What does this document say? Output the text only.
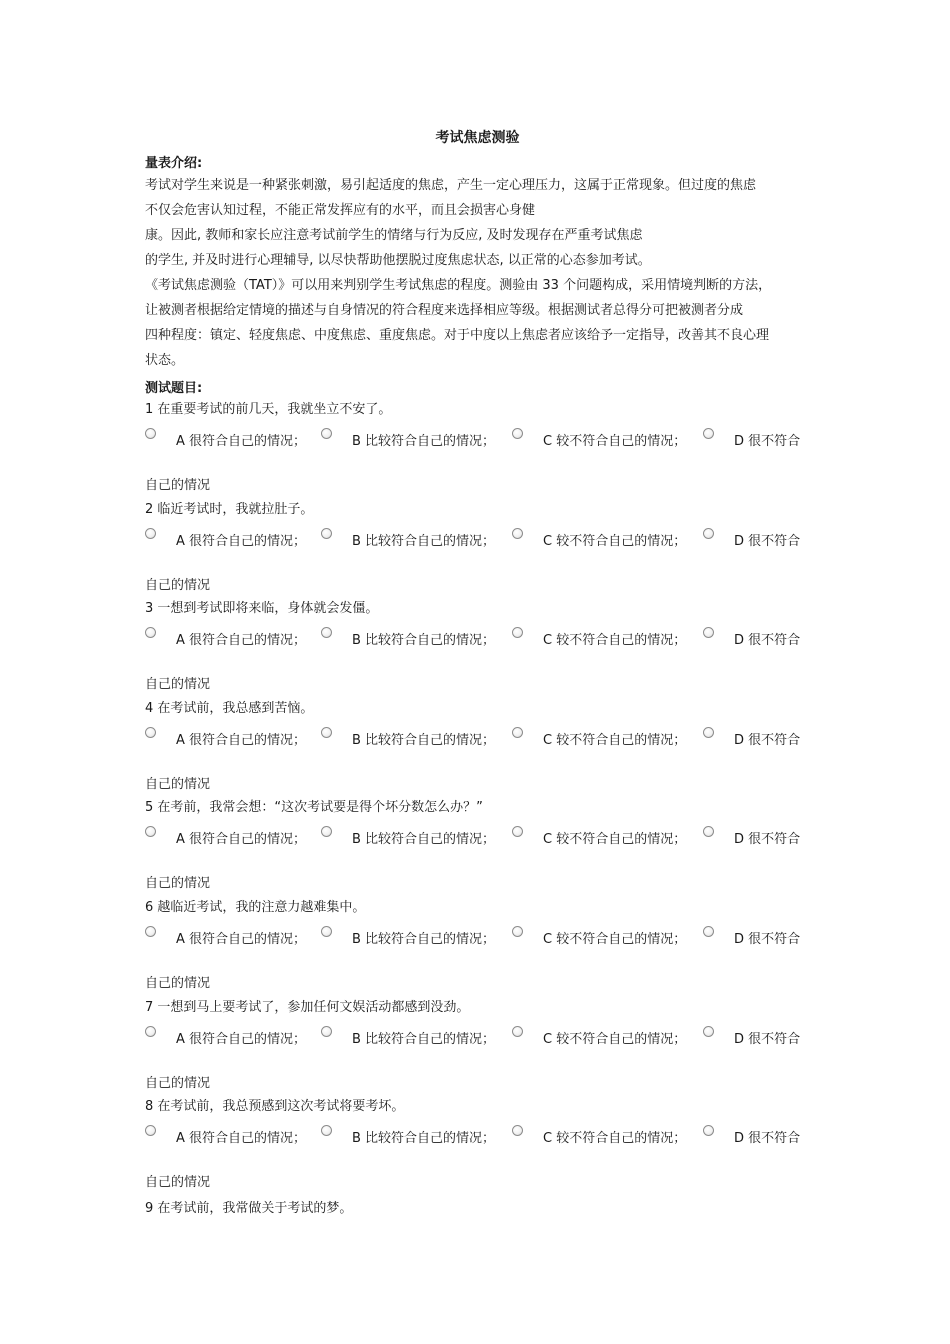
考试焦虑测验
量表介绍:
考试对学生来说是一种紧张刺激，易引起适度的焦虑，产生一定心理压力，这属于正常现象。但过度的焦虑
不仅会危害认知过程，不能正常发挥应有的水平，而且会损害心身健
康。因此, 教师和家长应注意考试前学生的情绪与行为反应, 及时发现存在严重考试焦虑
的学生, 并及时进行心理辅导, 以尽快帮助他摆脱过度焦虑状态, 以正常的心态参加考试。
《考试焦虑测验（TAT）》可以用来判别学生考试焦虑的程度。测验由 33 个问题构成，采用情境判断的方法，
让被测者根据给定情境的描述与自身情况的符合程度来选择相应等级。根据测试者总得分可把被测者分成
四种程度：镇定、轻度焦虑、中度焦虑、重度焦虑。对于中度以上焦虑者应该给予一定指导，改善其不良心理
状态。
测试题目:
1 在重要考试的前几天，我就坐立不安了。
A 很符合自己的情况；	B 比较符合自己的情况；	C 较不符合自己的情况；	D 很不符合
自己的情况
2 临近考试时，我就拉肚子。
A 很符合自己的情况；	B 比较符合自己的情况；	C 较不符合自己的情况；	D 很不符合
自己的情况
3 一想到考试即将来临，身体就会发僵。
A 很符合自己的情况；	B 比较符合自己的情况；	C 较不符合自己的情况；	D 很不符合
自己的情况
4 在考试前，我总感到苦恼。
A 很符合自己的情况；	B 比较符合自己的情况；	C 较不符合自己的情况；	D 很不符合
自己的情况
5 在考前，我常会想：“这次考试要是得个坏分数怎么办？”
A 很符合自己的情况；	B 比较符合自己的情况；	C 较不符合自己的情况；	D 很不符合
自己的情况
6 越临近考试，我的注意力越难集中。
A 很符合自己的情况；	B 比较符合自己的情况；	C 较不符合自己的情况；	D 很不符合
自己的情况
7 一想到马上要考试了，参加任何文娱活动都感到没劲。
A 很符合自己的情况；	B 比较符合自己的情况；	C 较不符合自己的情况；	D 很不符合
自己的情况
8 在考试前，我总预感到这次考试将要考坏。
A 很符合自己的情况；	B 比较符合自己的情况；	C 较不符合自己的情况；	D 很不符合
自己的情况
9 在考试前，我常做关于考试的梦。
